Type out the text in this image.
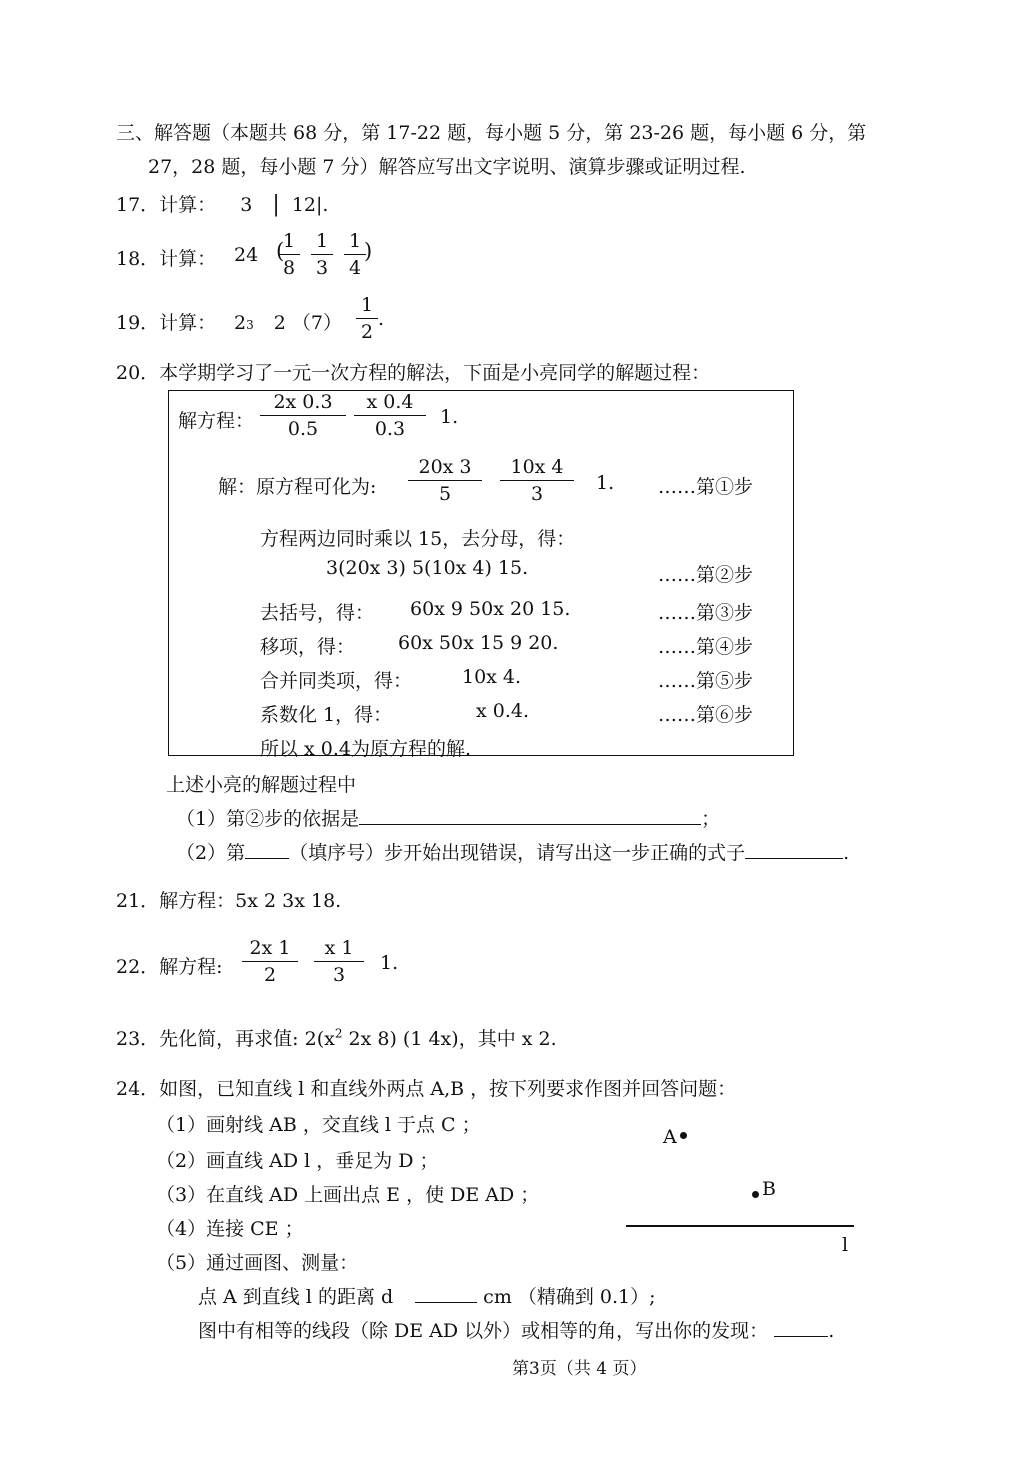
三、解答题（本题共 68 分，第 17-22 题，每小题 5 分，第 23-26 题，每小题 6 分，第
27，28 题，每小题 7 分）解答应写出文字说明、演算步骤或证明过程.
17．计算： 3 | 12|.
18．计算： 24 (
1
8
1
3
1
4
)
19．计算： 23 2 （7）
1
2
.
20．本学期学习了一元一次方程的解法，下面是小亮同学的解题过程：
解方程：
2x 0.3
0.5
x 0.4
0.3
1.
解：原方程可化为:
20x 3
5
10x 4
3	1. ……第①步
方程两边同时乘以 15，去分母，得：
3(20x 3) 5(10x 4) 15.	……第②步
去括号，得： 60x 9 50x 20 15.	……第③步
移项，得： 60x 50x 15 9 20.	……第④步
合并同类项，得：	10x 4.	……第⑤步
系数化 1，得：	x 0.4.	……第⑥步
所以 x 0.4为原方程的解.
上述小亮的解题过程中
（1）第②步的依据是	；
（2）第 （填序号）步开始出现错误，请写出这一步正确的式子	.
21．解方程：5x 2 3x 18.
22．解方程:
2x 1
2
x 1
3
1.
23．先化简，再求值: $2(x^2$ 2x 8) (1 4x)，其中 x 2.
24．如图，已知直线 l 和直线外两点 A,B ，按下列要求作图并回答问题：
（1）画射线 AB ，交直线 l 于点 C ；
（2）画直线 AD l ，垂足为 D ；
（3）在直线 AD 上画出点 E ，使 DE AD ；
（4）连接 CE ；
（5）通过画图、测量：
点 A 到直线 l 的距离 d	cm （精确到 0.1）;
图中有相等的线段（除 DE AD 以外）或相等的角，写出你的发现：	.
A
B
l
第3页（共 4 页）
